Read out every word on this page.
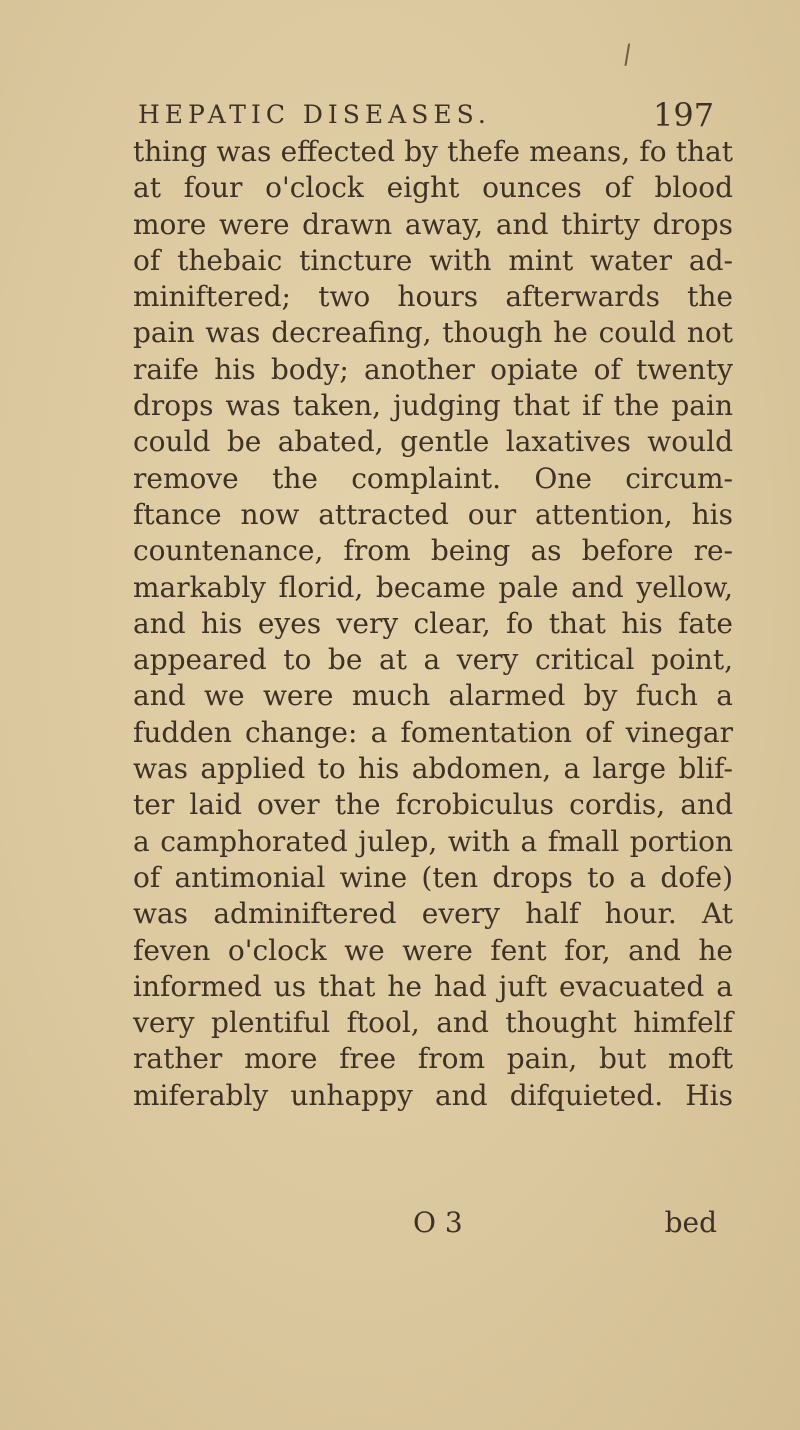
/
HEPATIC DISEASES.	197
thing was effected by thefe means, fo that
at four o'clock eight ounces of blood
more were drawn away, and thirty drops
of thebaic tincture with mint water ad-
miniftered; two hours afterwards the
pain was decreafing, though he could not
raife his body; another opiate of twenty
drops was taken, judging that if the pain
could be abated, gentle laxatives would
remove the complaint. One circum-
ftance now attracted our attention, his
countenance, from being as before re-
markably florid, became pale and yellow,
and his eyes very clear, fo that his fate
appeared to be at a very critical point,
and we were much alarmed by fuch a
fudden change: a fomentation of vinegar
was applied to his abdomen, a large blif-
ter laid over the fcrobiculus cordis, and
a camphorated julep, with a fmall portion
of antimonial wine (ten drops to a dofe)
was adminiftered every half hour. At
feven o'clock we were fent for, and he
informed us that he had juft evacuated a
very plentiful ftool, and thought himfelf
rather more free from pain, but moft
miferably unhappy and difquieted. His
O 3	bed
